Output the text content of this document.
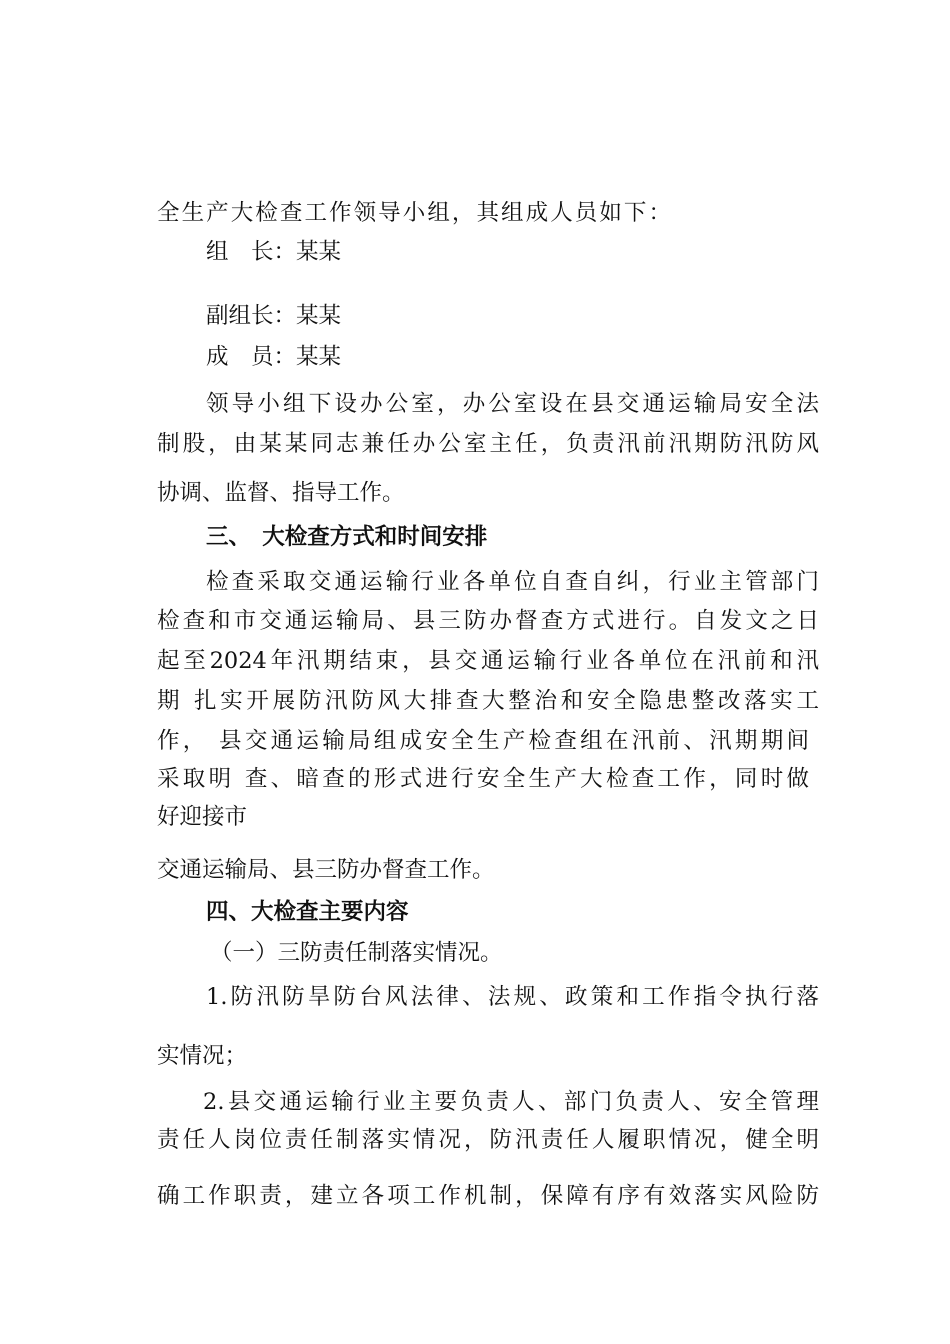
全生产大检查工作领导小组，其组成人员如下：
组　长：某某
副组长：某某
成　员：某某
领导小组下设办公室，办公室设在县交通运输局安全法
制股，由某某同志兼任办公室主任，负责汛前汛期防汛防风
协调、监督、指导工作。
三、　大检查方式和时间安排
检查采取交通运输行业各单位自查自纠，行业主管部门
检查和市交通运输局、县三防办督查方式进行。自发文之日
起至2024年汛期结束，县交通运输行业各单位在汛前和汛
期 扎实开展防汛防风大排查大整治和安全隐患整改落实工
作， 县交通运输局组成安全生产检查组在汛前、汛期期间
采取明 查、暗查的形式进行安全生产大检查工作，同时做
好迎接市
交通运输局、县三防办督查工作。
四、大检查主要内容
（一）三防责任制落实情况。
1.防汛防旱防台风法律、法规、政策和工作指令执行落
实情况；
2.县交通运输行业主要负责人、部门负责人、安全管理
责任人岗位责任制落实情况，防汛责任人履职情况，健全明
确工作职责，建立各项工作机制，保障有序有效落实风险防
